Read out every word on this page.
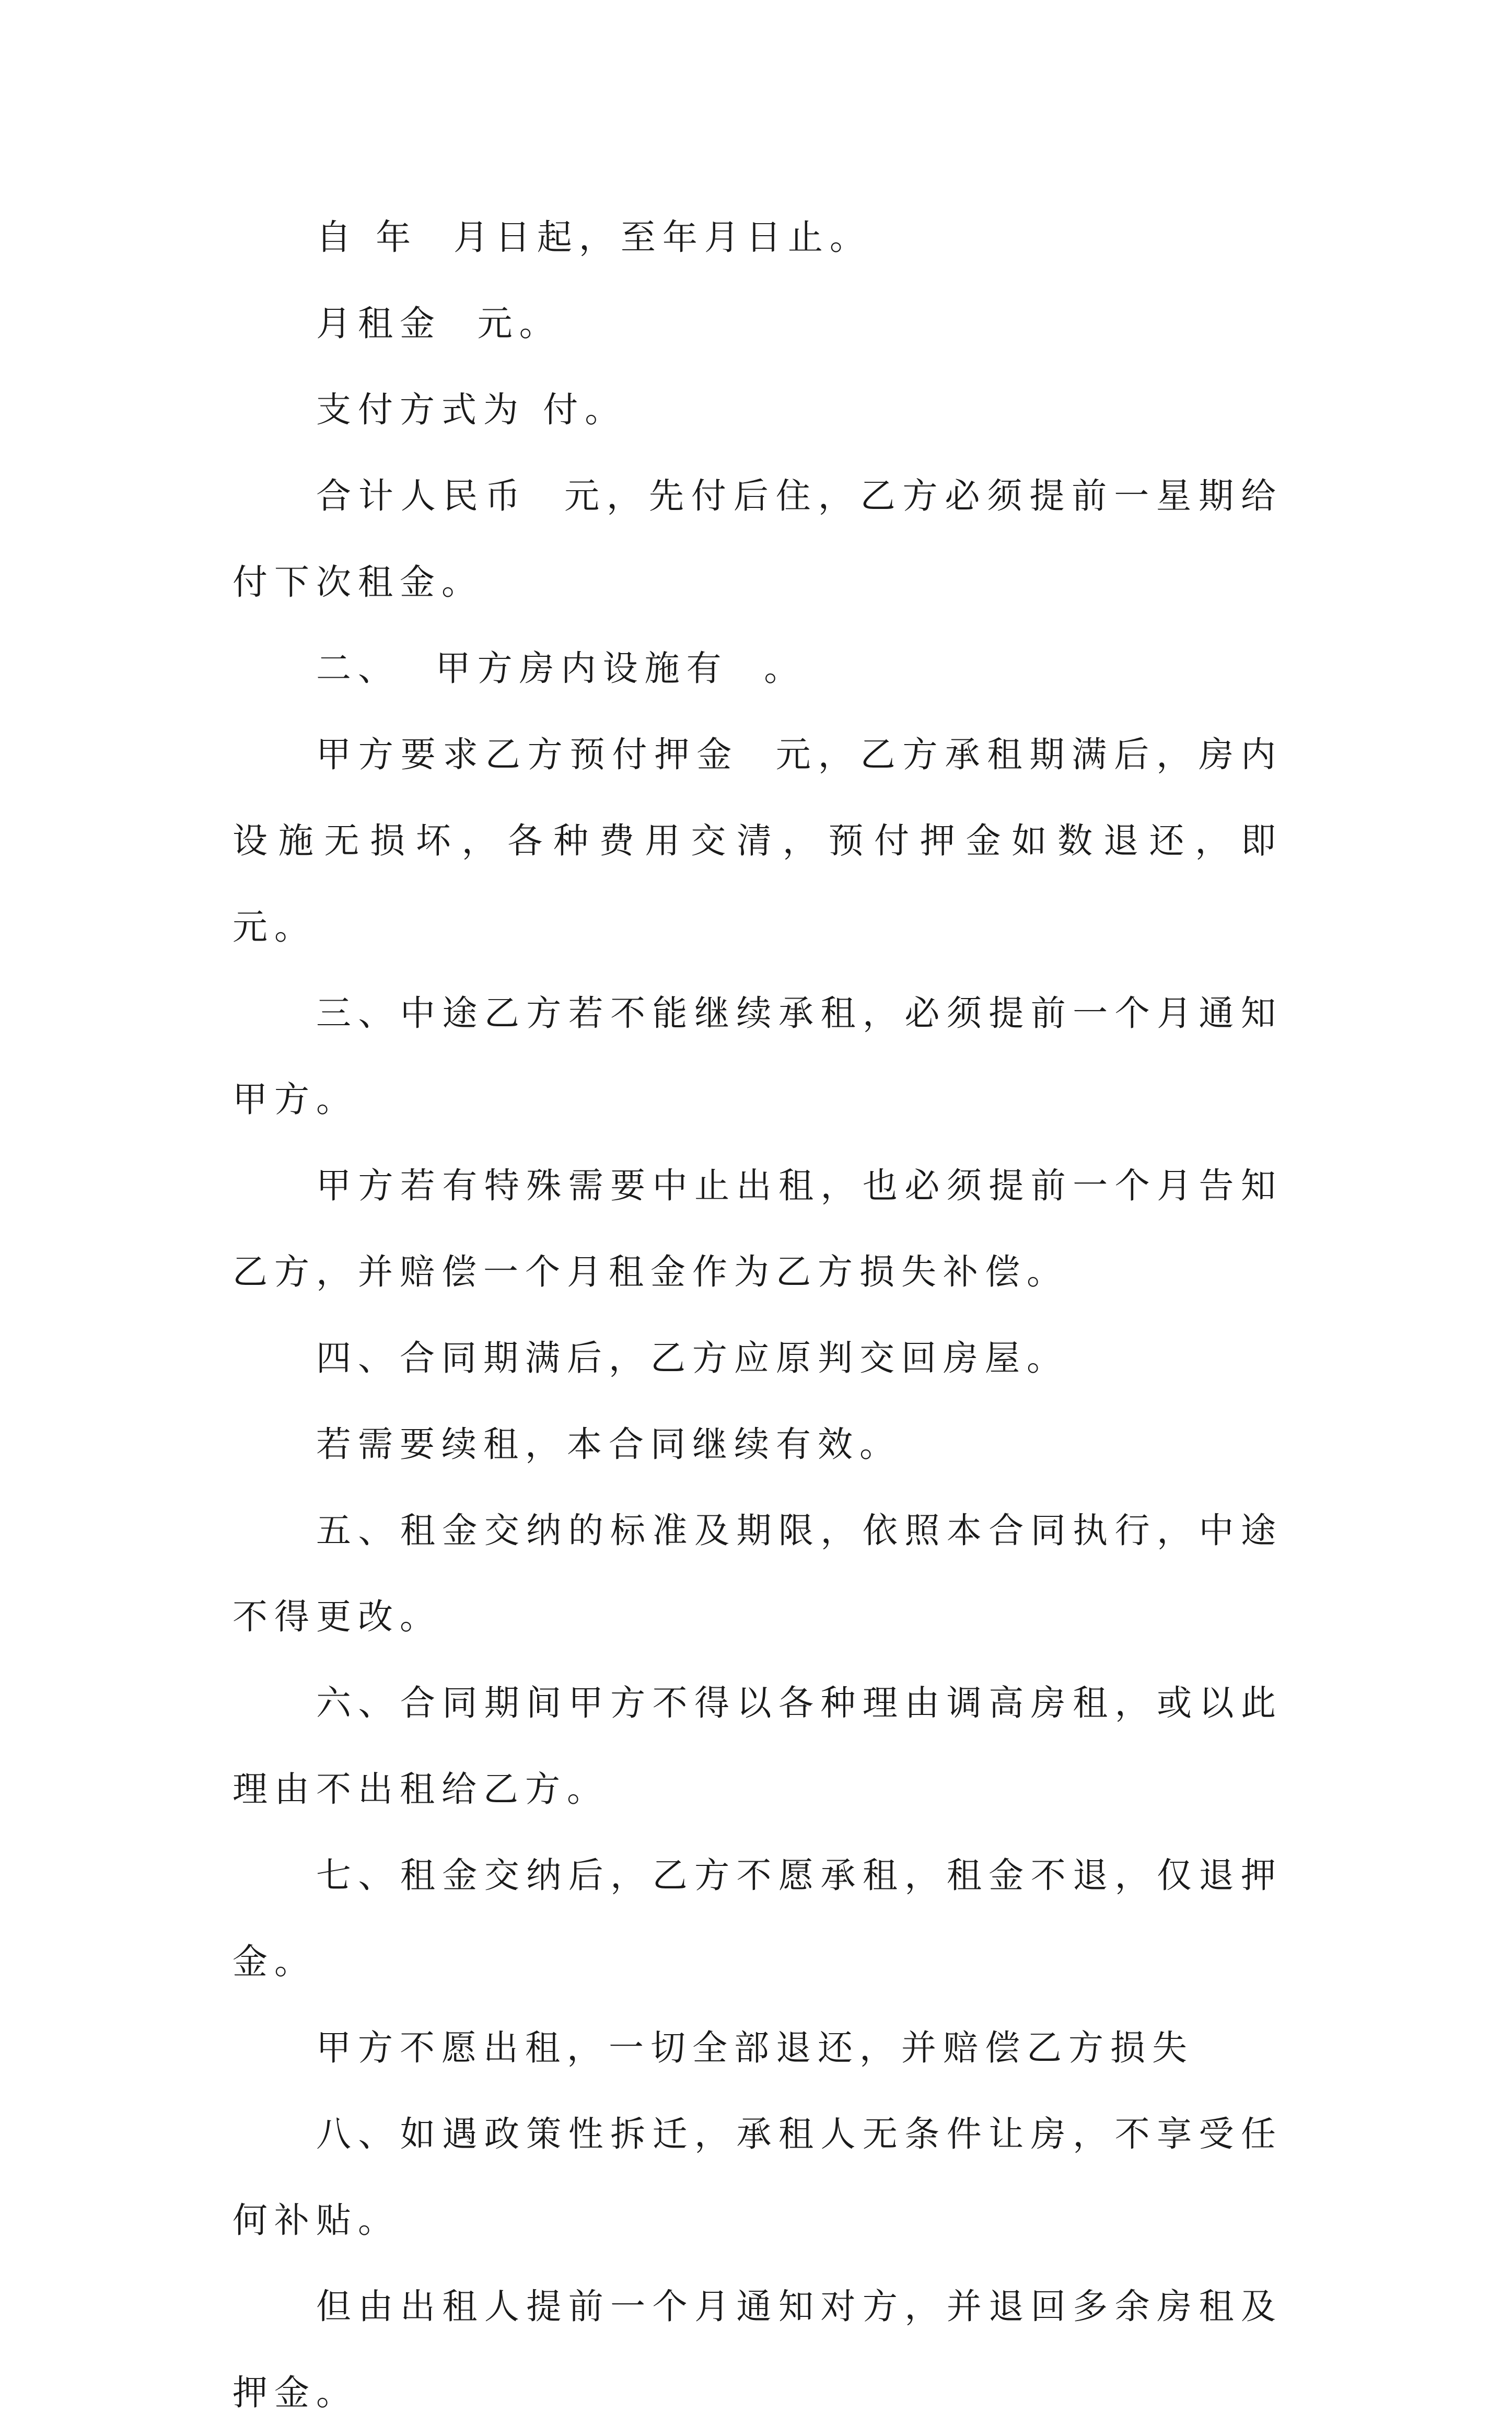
自 年  月日起，至年月日止。

月租金  元。

支付方式为 付。

合计人民币  元，先付后住，乙方必须提前一星期给付下次租金。

二、  甲方房内设施有  。

甲方要求乙方预付押金  元，乙方承租期满后，房内设施无损坏，各种费用交清，预付押金如数退还，即  元。

三、中途乙方若不能继续承租，必须提前一个月通知甲方。

甲方若有特殊需要中止出租，也必须提前一个月告知乙方，并赔偿一个月租金作为乙方损失补偿。

四、合同期满后，乙方应原判交回房屋。

若需要续租，本合同继续有效。

五、租金交纳的标准及期限，依照本合同执行，中途不得更改。

六、合同期间甲方不得以各种理由调高房租，或以此理由不出租给乙方。

七、租金交纳后，乙方不愿承租，租金不退，仅退押金。

甲方不愿出租，一切全部退还，并赔偿乙方损失

八、如遇政策性拆迁，承租人无条件让房，不享受任何补贴。

但由出租人提前一个月通知对方，并退回多余房租及押金。
